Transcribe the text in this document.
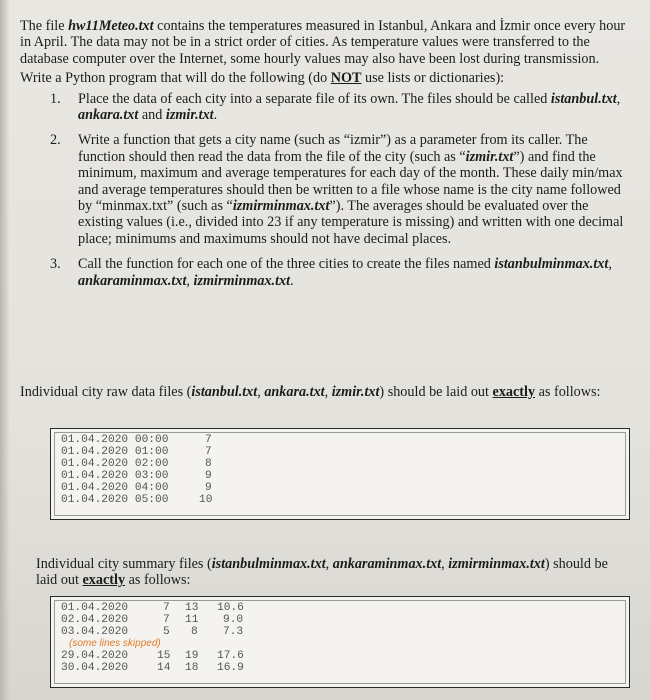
The file hw11Meteo.txt contains the temperatures measured in Istanbul, Ankara and İzmir once every hour in April. The data may not be in a strict order of cities. As temperature values were transferred to the database computer over the Internet, some hourly values may also have been lost during transmission.

Write a Python program that will do the following (do NOT use lists or dictionaries):

1. Place the data of each city into a separate file of its own. The files should be called istanbul.txt, ankara.txt and izmir.txt.
2. Write a function that gets a city name (such as “izmir”) as a parameter from its caller. The function should then read the data from the file of the city (such as “izmir.txt”) and find the minimum, maximum and average temperatures for each day of the month. These daily min/max and average temperatures should then be written to a file whose name is the city name followed by “minmax.txt” (such as “izmirminmax.txt”). The averages should be evaluated over the existing values (i.e., divided into 23 if any temperature is missing) and written with one decimal place; minimums and maximums should not have decimal places.
3. Call the function for each one of the three cities to create the files named istanbulminmax.txt, ankaraminmax.txt, izmirminmax.txt.
Individual city raw data files (istanbul.txt, ankara.txt, izmir.txt) should be laid out exactly as follows:
01.04.2020 00:00	7
01.04.2020 01:00	7
01.04.2020 02:00	8
01.04.2020 03:00	9
01.04.2020 04:00	9
01.04.2020 05:00	10
Individual city summary files (istanbulminmax.txt, ankaraminmax.txt, izmirminmax.txt) should be laid out exactly as follows:
01.04.2020	7 13 10.6
02.04.2020	7 11 9.0
03.04.2020	5 8 7.3
(some lines skipped)
29.04.2020	15 19 17.6
30.04.2020	14 18 16.9
